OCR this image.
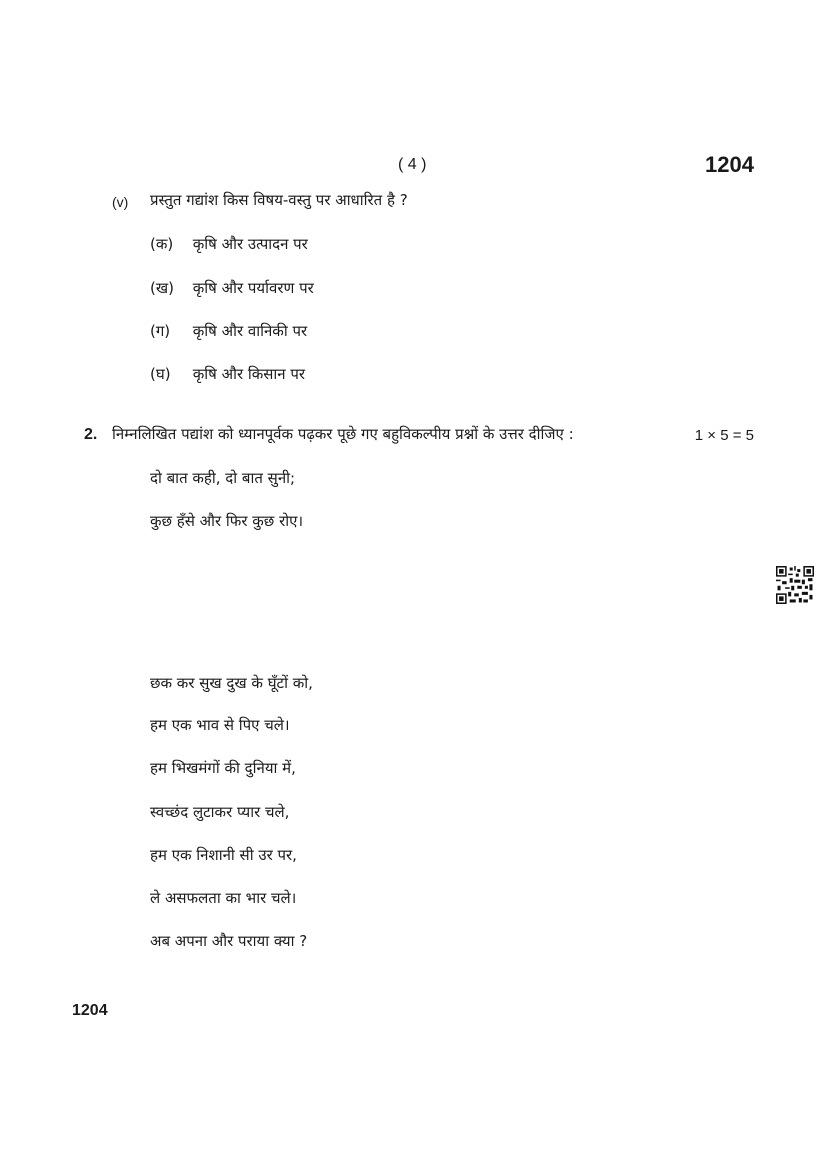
( 4 )	1204
(v) प्रस्तुत गद्यांश किस विषय-वस्तु पर आधारित है ?
(क) कृषि और उत्पादन पर
(ख) कृषि और पर्यावरण पर
(ग) कृषि और वानिकी पर
(घ) कृषि और किसान पर
2. निम्नलिखित पद्यांश को ध्यानपूर्वक पढ़कर पूछे गए बहुविकल्पीय प्रश्नों के उत्तर दीजिए :	1 × 5 = 5
दो बात कही, दो बात सुनी;
कुछ हँसे और फिर कुछ रोए।
छक कर सुख दुख के घूँटों को,
हम एक भाव से पिए चले।
हम भिखमंगों की दुनिया में,
स्वच्छंद लुटाकर प्यार चले,
हम एक निशानी सी उर पर,
ले असफलता का भार चले।
अब अपना और पराया क्या ?
1204
